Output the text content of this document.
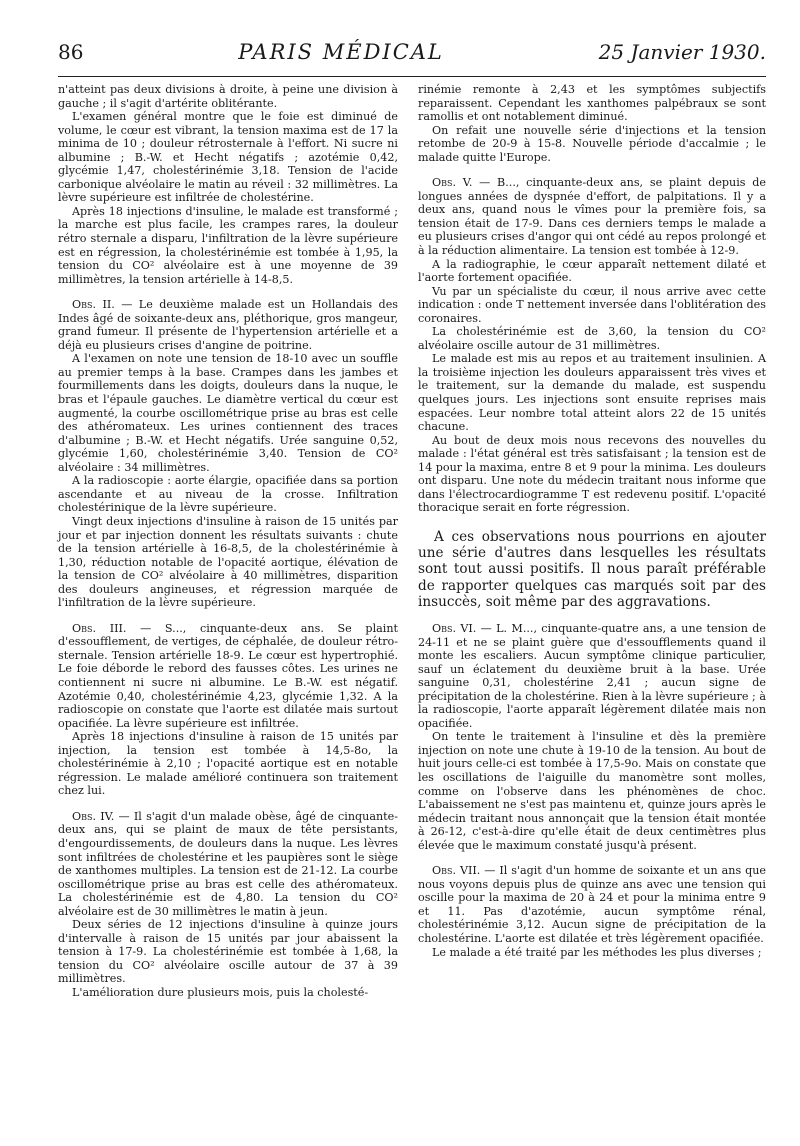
86	PARIS MÉDICAL	25 Janvier 1930.

n'atteint pas deux divisions à droite, à peine une division à gauche ; il s'agit d'artérite oblitérante.

L'examen général montre que le foie est diminué de volume, le cœur est vibrant, la tension maxima est de 17 la minima de 10 ; douleur rétrosternale à l'effort. Ni sucre ni albumine ; B.-W. et Hecht négatifs ; azotémie 0,42, glycémie 1,47, cholestérinémie 3,18. Tension de l'acide carbonique alvéolaire le matin au réveil : 32 millimètres. La lèvre supérieure est infiltrée de cholestérine.

Après 18 injections d'insuline, le malade est transformé ; la marche est plus facile, les crampes rares, la douleur rétro sternale a disparu, l'infiltration de la lèvre supérieure est en régression, la cholestérinémie est tombée à 1,95, la tension du CO² alvéolaire est à une moyenne de 39 millimètres, la tension artérielle à 14-8,5.

Obs. II. — Le deuxième malade est un Hollandais des Indes âgé de soixante-deux ans, pléthorique, gros mangeur, grand fumeur. Il présente de l'hypertension artérielle et a déjà eu plusieurs crises d'angine de poitrine.

A l'examen on note une tension de 18-10 avec un souffle au premier temps à la base. Crampes dans les jambes et fourmillements dans les doigts, douleurs dans la nuque, le bras et l'épaule gauches. Le diamètre vertical du cœur est augmenté, la courbe oscillométrique prise au bras est celle des athéromateux. Les urines contiennent des traces d'albumine ; B.-W. et Hecht négatifs. Urée sanguine 0,52, glycémie 1,60, cholestérinémie 3,40. Tension de CO² alvéolaire : 34 millimètres.

A la radioscopie : aorte élargie, opacifiée dans sa portion ascendante et au niveau de la crosse. Infiltration cholestérinique de la lèvre supérieure.

Vingt deux injections d'insuline à raison de 15 unités par jour et par injection donnent les résultats suivants : chute de la tension artérielle à 16-8,5, de la cholestérinémie à 1,30, réduction notable de l'opacité aortique, élévation de la tension de CO² alvéolaire à 40 millimètres, disparition des douleurs angineuses, et régression marquée de l'infiltration de la lèvre supérieure.

Obs. III. — S..., cinquante-deux ans. Se plaint d'essoufflement, de vertiges, de céphalée, de douleur rétro-sternale. Tension artérielle 18-9. Le cœur est hypertrophié. Le foie déborde le rebord des fausses côtes. Les urines ne contiennent ni sucre ni albumine. Le B.-W. est négatif. Azotémie 0,40, cholestérinémie 4,23, glycémie 1,32. A la radioscopie on constate que l'aorte est dilatée mais surtout opacifiée. La lèvre supérieure est infiltrée.

Après 18 injections d'insuline à raison de 15 unités par injection, la tension est tombée à 14,5-8o, la cholestérinémie à 2,10 ; l'opacité aortique est en notable régression. Le malade amélioré continuera son traitement chez lui.

Obs. IV. — Il s'agit d'un malade obèse, âgé de cinquante-deux ans, qui se plaint de maux de tête persistants, d'engourdissements, de douleurs dans la nuque. Les lèvres sont infiltrées de cholestérine et les paupières sont le siège de xanthomes multiples. La tension est de 21-12. La courbe oscillométrique prise au bras est celle des athéromateux. La cholestérinémie est de 4,80. La tension du CO² alvéolaire est de 30 millimètres le matin à jeun.

Deux séries de 12 injections d'insuline à quinze jours d'intervalle à raison de 15 unités par jour abaissent la tension à 17-9. La cholestérinémie est tombée à 1,68, la tension du CO² alvéolaire oscille autour de 37 à 39 millimètres.

L'amélioration dure plusieurs mois, puis la cholesté-

rinémie remonte à 2,43 et les symptômes subjectifs reparaissent. Cependant les xanthomes palpébraux se sont ramollis et ont notablement diminué.

On refait une nouvelle série d'injections et la tension retombe de 20-9 à 15-8. Nouvelle période d'accalmie ; le malade quitte l'Europe.

Obs. V. — B..., cinquante-deux ans, se plaint depuis de longues années de dyspnée d'effort, de palpitations. Il y a deux ans, quand nous le vîmes pour la première fois, sa tension était de 17-9. Dans ces derniers temps le malade a eu plusieurs crises d'angor qui ont cédé au repos prolongé et à la réduction alimentaire. La tension est tombée à 12-9.

A la radiographie, le cœur apparaît nettement dilaté et l'aorte fortement opacifiée.

Vu par un spécialiste du cœur, il nous arrive avec cette indication : onde T nettement inversée dans l'oblitération des coronaires.

La cholestérinémie est de 3,60, la tension du CO² alvéolaire oscille autour de 31 millimètres.

Le malade est mis au repos et au traitement insulinien. A la troisième injection les douleurs apparaissent très vives et le traitement, sur la demande du malade, est suspendu quelques jours. Les injections sont ensuite reprises mais espacées. Leur nombre total atteint alors 22 de 15 unités chacune.

Au bout de deux mois nous recevons des nouvelles du malade : l'état général est très satisfaisant ; la tension est de 14 pour la maxima, entre 8 et 9 pour la minima. Les douleurs ont disparu. Une note du médecin traitant nous informe que dans l'électrocardiogramme T est redevenu positif. L'opacité thoracique serait en forte régression.

A ces observations nous pourrions en ajouter une série d'autres dans lesquelles les résultats sont tout aussi positifs. Il nous paraît préférable de rapporter quelques cas marqués soit par des insuccès, soit même par des aggravations.

Obs. VI. — L. M..., cinquante-quatre ans, a une tension de 24-11 et ne se plaint guère que d'essoufflements quand il monte les escaliers. Aucun symptôme clinique particulier, sauf un éclatement du deuxième bruit à la base. Urée sanguine 0,31, cholestérine 2,41 ; aucun signe de précipitation de la cholestérine. Rien à la lèvre supérieure ; à la radioscopie, l'aorte apparaît légèrement dilatée mais non opacifiée.

On tente le traitement à l'insuline et dès la première injection on note une chute à 19-10 de la tension. Au bout de huit jours celle-ci est tombée à 17,5-9o. Mais on constate que les oscillations de l'aiguille du manomètre sont molles, comme on l'observe dans les phénomènes de choc. L'abaissement ne s'est pas maintenu et, quinze jours après le médecin traitant nous annonçait que la tension était montée à 26-12, c'est-à-dire qu'elle était de deux centimètres plus élevée que le maximum constaté jusqu'à présent.

Obs. VII. — Il s'agit d'un homme de soixante et un ans que nous voyons depuis plus de quinze ans avec une tension qui oscille pour la maxima de 20 à 24 et pour la minima entre 9 et 11. Pas d'azotémie, aucun symptôme rénal, cholestérinémie 3,12. Aucun signe de précipitation de la cholestérine. L'aorte est dilatée et très légèrement opacifiée.

Le malade a été traité par les méthodes les plus diverses ;
